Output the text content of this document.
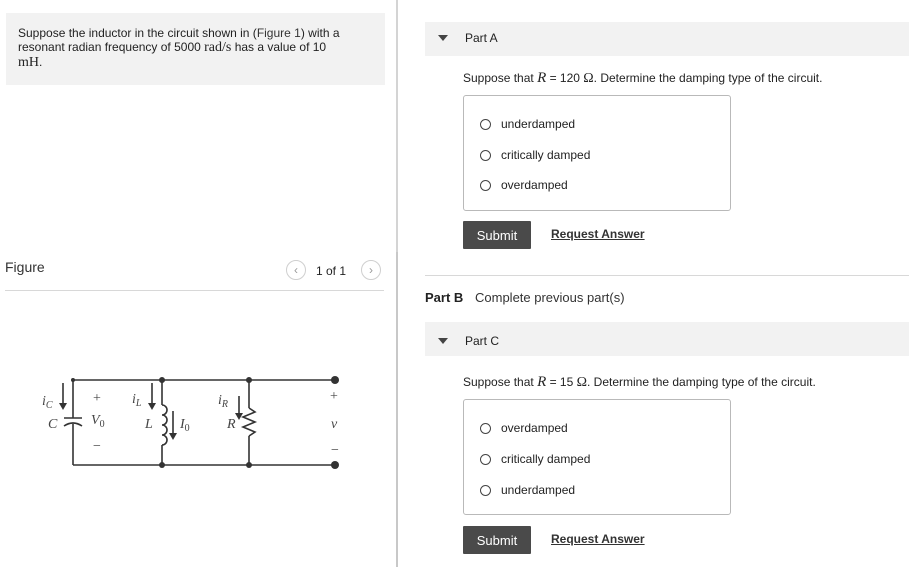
Suppose the inductor in the circuit shown in (Figure 1) with a resonant radian frequency of 5000 rad/s has a value of 10
mH.
Figure	‹ 1 of 1 ›
$i_C$
C
+
$V_0$
−
$i_L$
L $I_0$
$i_R$
R
+
v
−
Part A
Suppose that R = 120 Ω. Determine the damping type of the circuit.
underdamped
critically damped
overdamped
Submit	Request Answer
Part B Complete previous part(s)
Part C
Suppose that R = 15 Ω. Determine the damping type of the circuit.
overdamped
critically damped
underdamped
Submit	Request Answer
